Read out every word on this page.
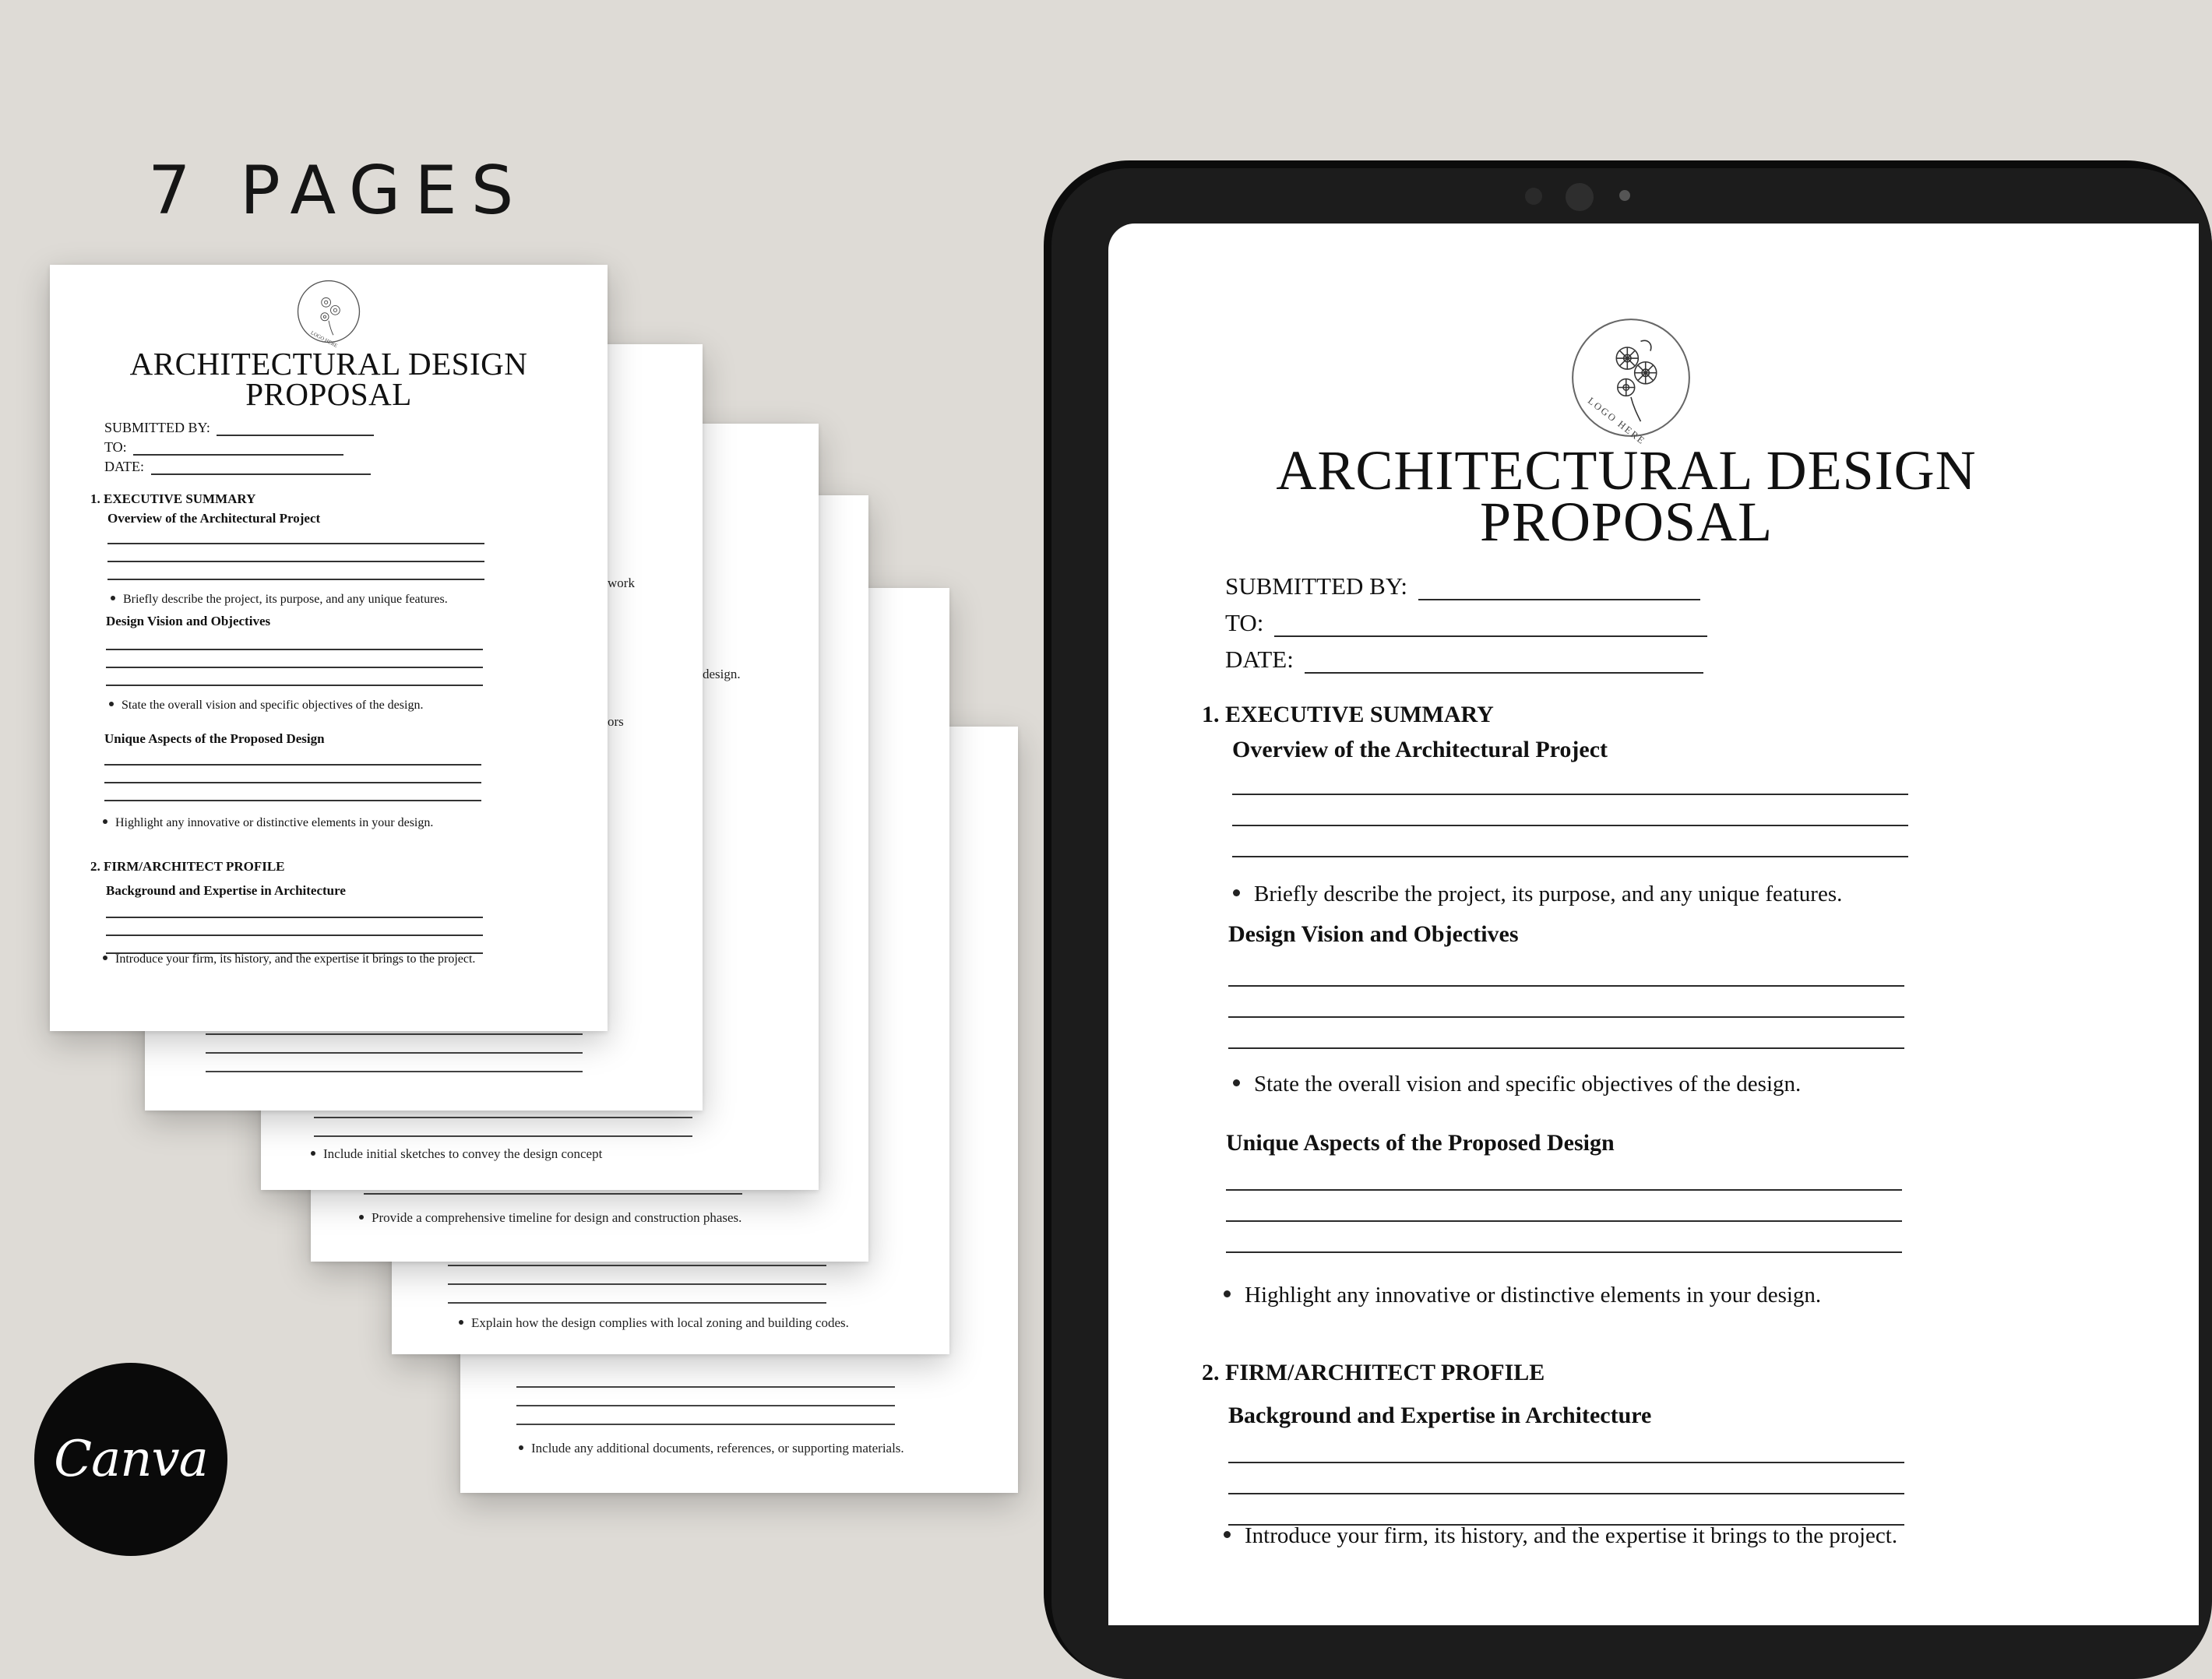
7 PAGES
Include any additional documents, references, or supporting materials.
Explain how the design complies with local zoning and building codes.
Provide a comprehensive timeline for design and construction phases.
Include initial sketches to convey the design concept
work
design.
ors
LOGO HERE
ARCHITECTURAL DESIGN
PROPOSAL
SUBMITTED BY:
TO:
DATE:
1. EXECUTIVE SUMMARY
Overview of the Architectural Project
Briefly describe the project, its purpose, and any unique features.
Design Vision and Objectives
State the overall vision and specific objectives of the design.
Unique Aspects of the Proposed Design
Highlight any innovative or distinctive elements in your design.
2. FIRM/ARCHITECT PROFILE
Background and Expertise in Architecture
Introduce your firm, its history, and the expertise it brings to the project.
LOGO HERE
ARCHITECTURAL DESIGN
PROPOSAL
SUBMITTED BY:
TO:
DATE:
1. EXECUTIVE SUMMARY
Overview of the Architectural Project
Briefly describe the project, its purpose, and any unique features.
Design Vision and Objectives
State the overall vision and specific objectives of the design.
Unique Aspects of the Proposed Design
Highlight any innovative or distinctive elements in your design.
2. FIRM/ARCHITECT PROFILE
Background and Expertise in Architecture
Introduce your firm, its history, and the expertise it brings to the project.
Canva
